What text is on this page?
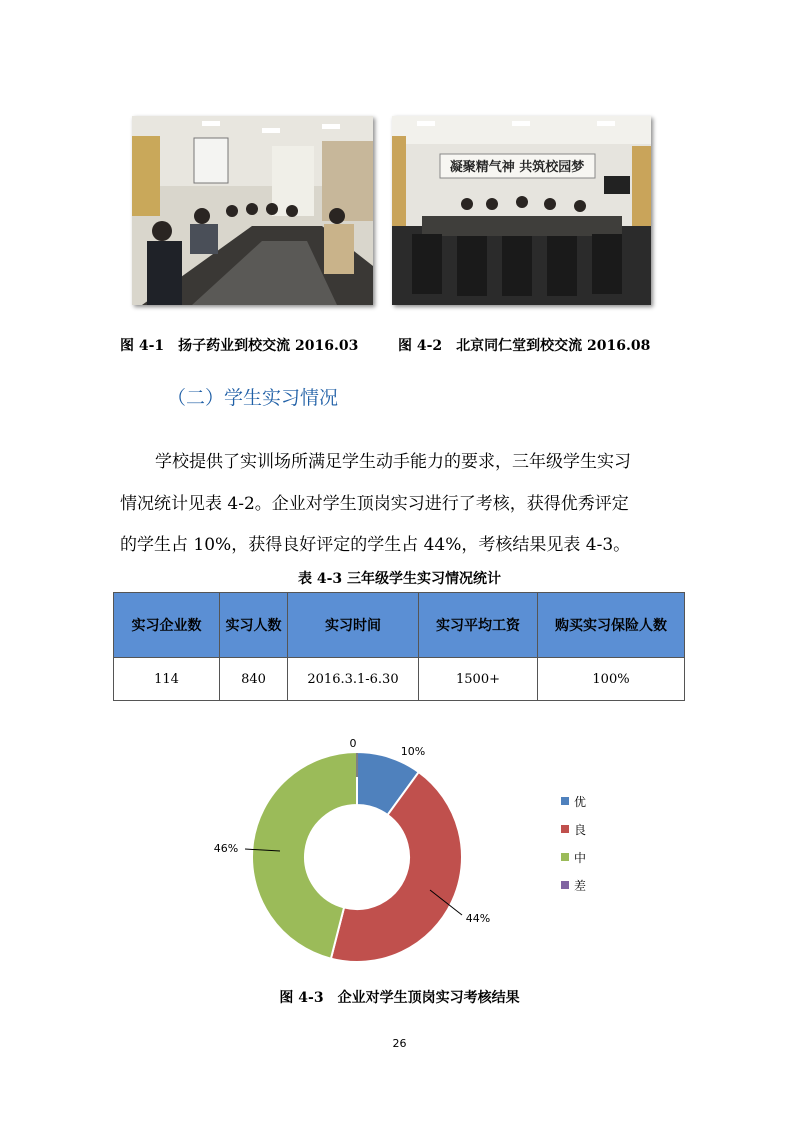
凝聚精气神 共筑校园梦
图 4-1　扬子药业到校交流 2016.03	图 4-2　北京同仁堂到校交流 2016.08
（二）学生实习情况
学校提供了实训场所满足学生动手能力的要求，三年级学生实习
情况统计见表 4-2。企业对学生顶岗实习进行了考核，获得优秀评定
的学生占 10%，获得良好评定的学生占 44%，考核结果见表 4-3。
表 4-3 三年级学生实习情况统计
实习企业数	实习人数	实习时间	实习平均工资	购买实习保险人数
114	840	2016.3.1-6.30	1500+	100%
10%
44%
46%
0
优
良
中
差
图 4-3　企业对学生顶岗实习考核结果
26
